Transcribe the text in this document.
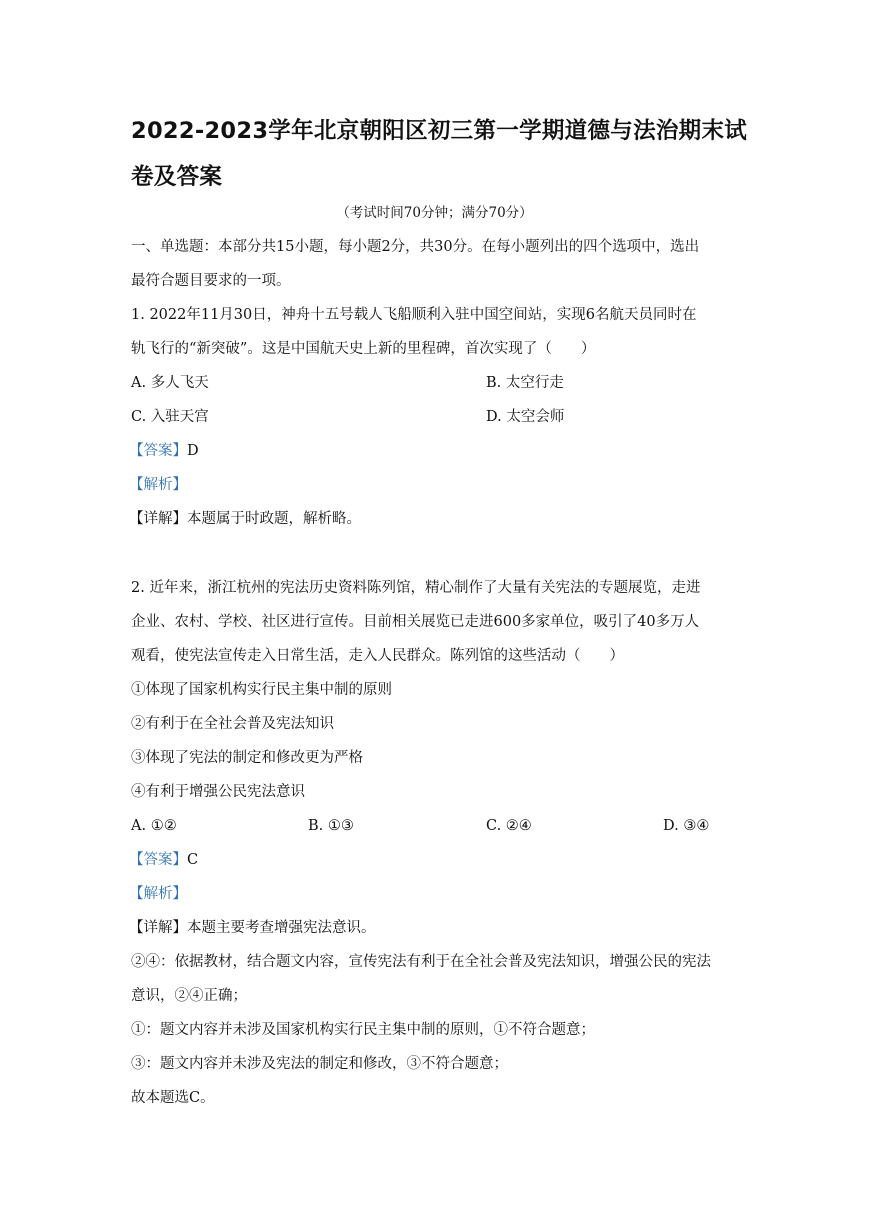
2022-2023学年北京朝阳区初三第一学期道德与法治期末试
卷及答案
（考试时间70分钟；满分70分）
一、单选题：本部分共15小题，每小题2分，共30分。在每小题列出的四个选项中，选出
最符合题目要求的一项。
1. 2022年11月30日，神舟十五号载人飞船顺利入驻中国空间站，实现6名航天员同时在
轨飞行的“新突破”。这是中国航天史上新的里程碑，首次实现了（　　）
A. 多人飞天	B. 太空行走
C. 入驻天宫	D. 太空会师
【答案】D
【解析】
【详解】本题属于时政题，解析略。
2. 近年来，浙江杭州的宪法历史资料陈列馆，精心制作了大量有关宪法的专题展览，走进
企业、农村、学校、社区进行宣传。目前相关展览已走进600多家单位，吸引了40多万人
观看，使宪法宣传走入日常生活，走入人民群众。陈列馆的这些活动（　　）
①体现了国家机构实行民主集中制的原则
②有利于在全社会普及宪法知识
③体现了宪法的制定和修改更为严格
④有利于增强公民宪法意识
A. ①②	B. ①③	C. ②④	D. ③④
【答案】C
【解析】
【详解】本题主要考查增强宪法意识。
②④：依据教材，结合题文内容，宣传宪法有利于在全社会普及宪法知识，增强公民的宪法
意识，②④正确；
①：题文内容并未涉及国家机构实行民主集中制的原则，①不符合题意；
③：题文内容并未涉及宪法的制定和修改，③不符合题意；
故本题选C。
